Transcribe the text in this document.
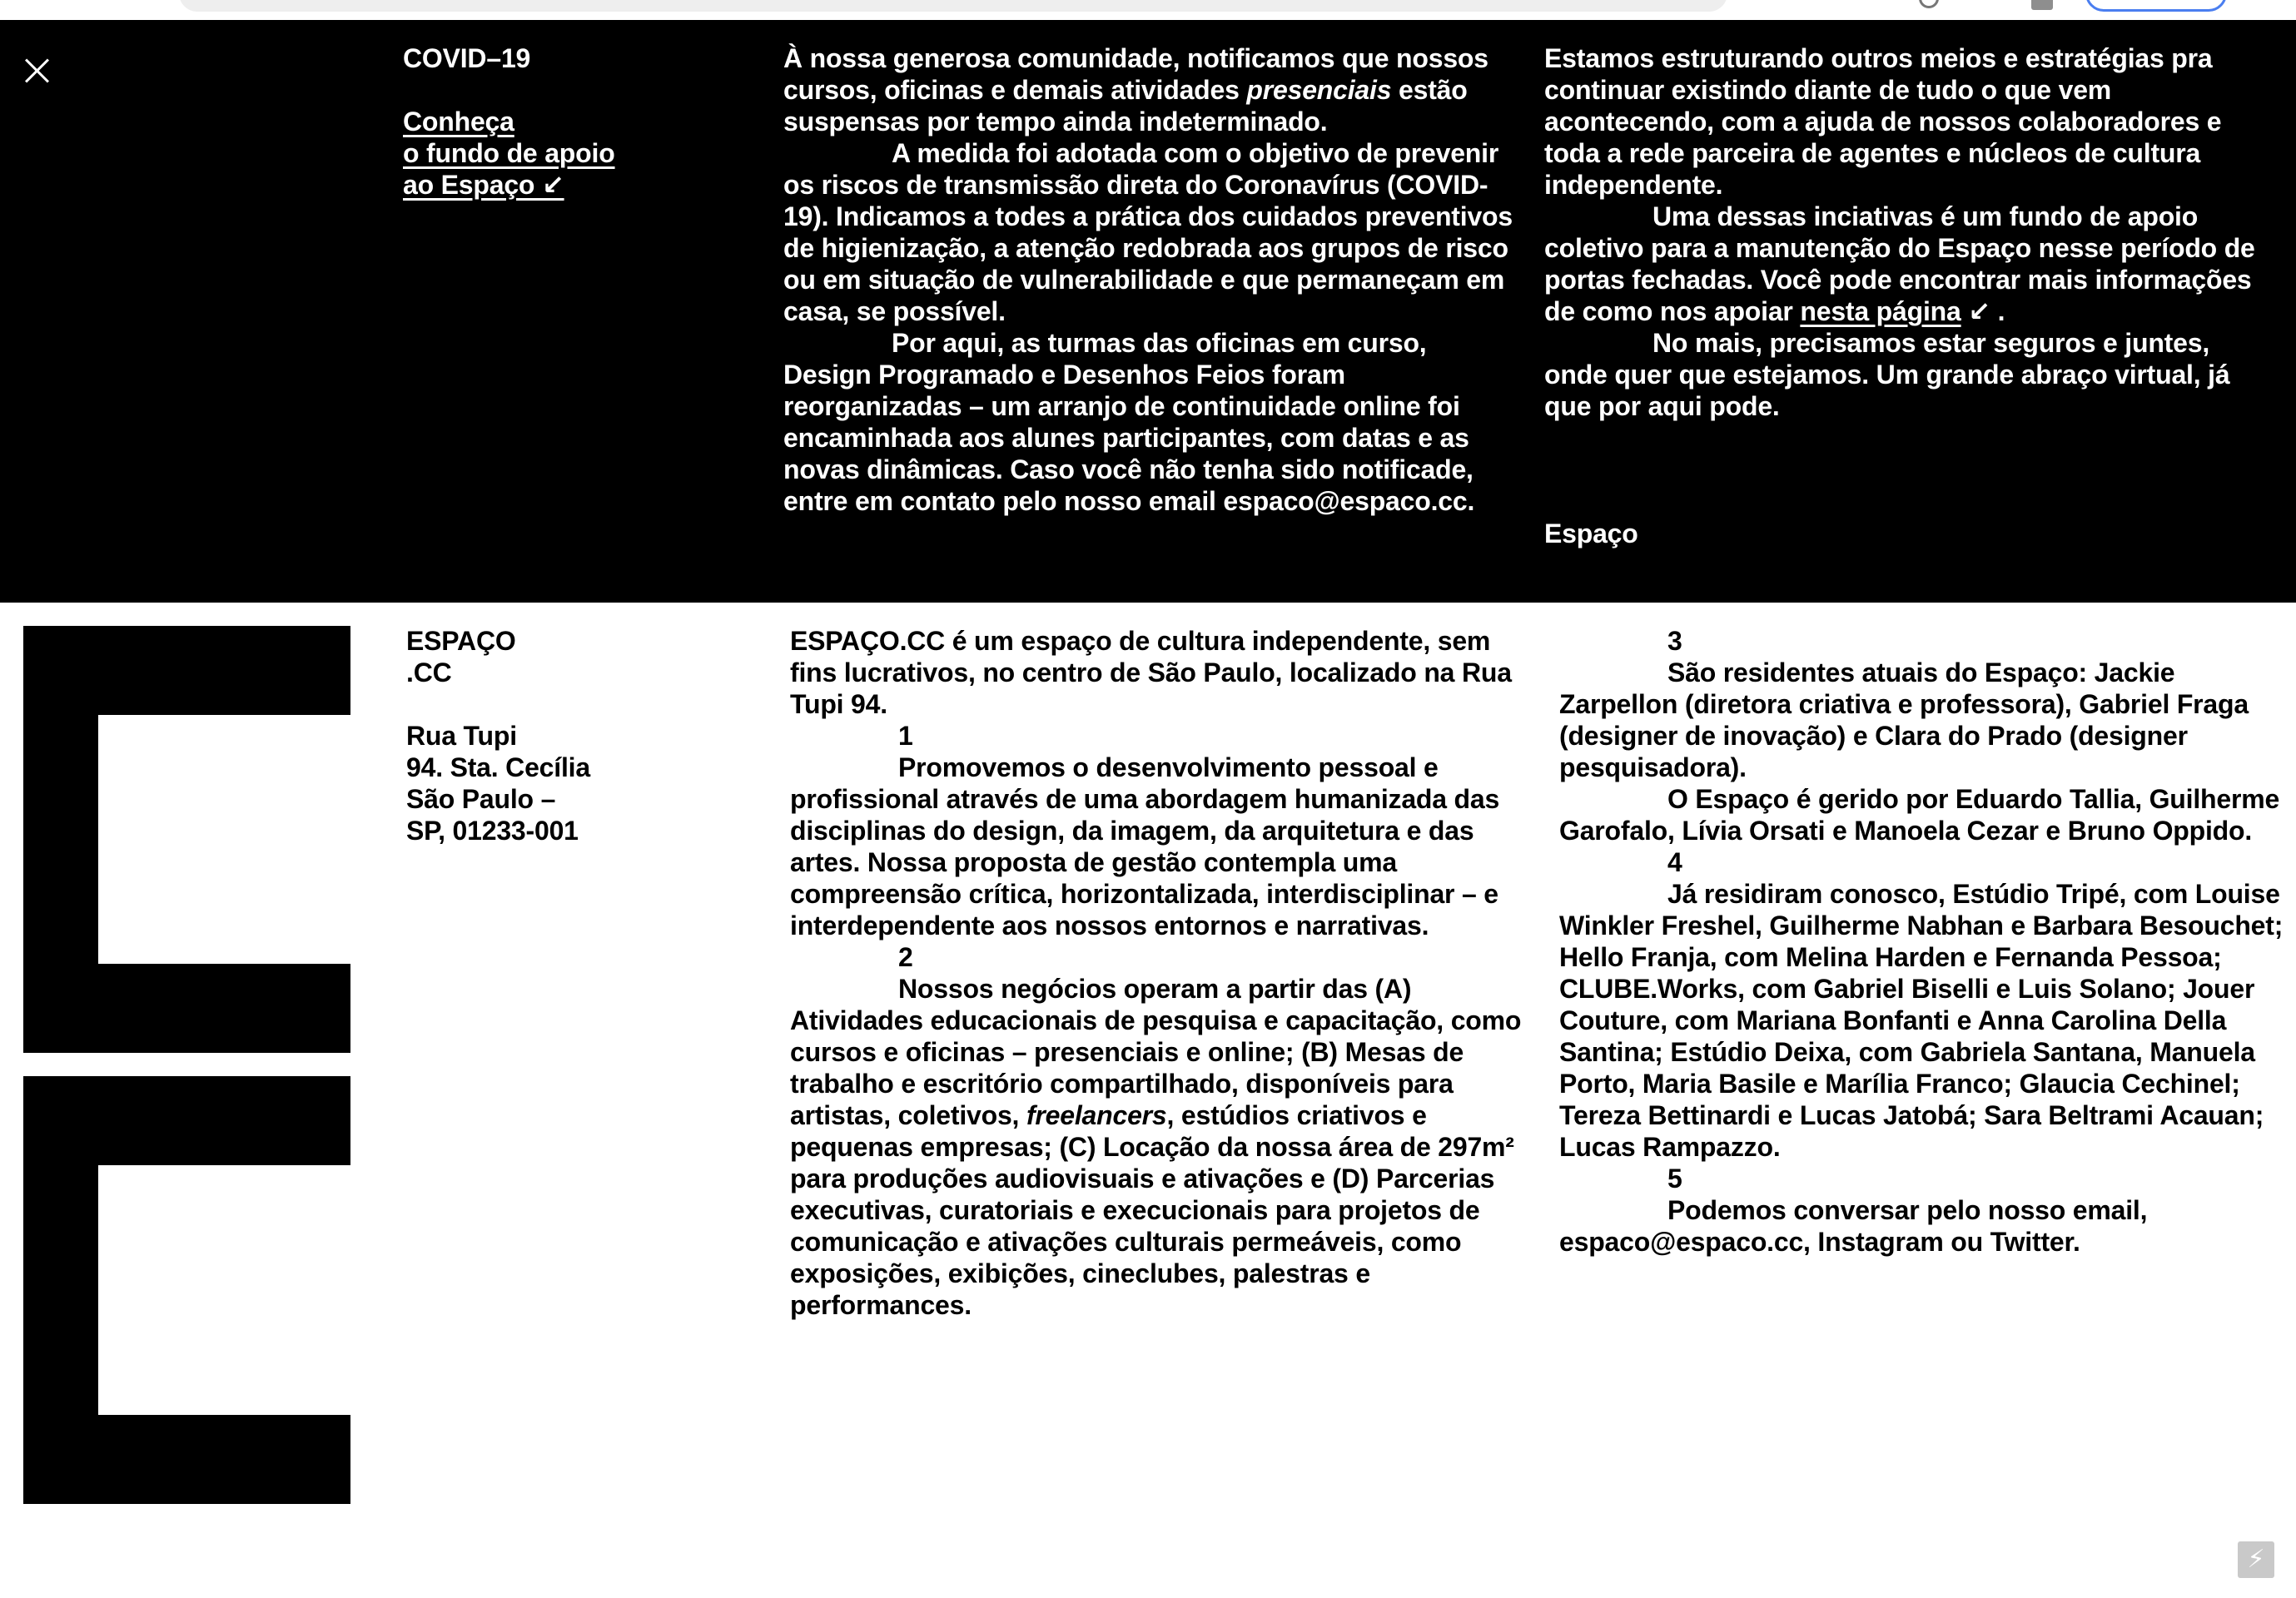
COVID–19

Conheça
o fundo de apoio
ao Espaço ↙

À nossa generosa comunidade, notificamos que nossos cursos, oficinas e demais atividades presenciais estão suspensas por tempo ainda indeterminado.

A medida foi adotada com o objetivo de prevenir os riscos de transmissão direta do Coronavírus (COVID-19). Indicamos a todes a prática dos cuidados preventivos de higienização, a atenção redobrada aos grupos de risco ou em situação de vulnerabilidade e que permaneçam em casa, se possível.

Por aqui, as turmas das oficinas em curso, Design Programado e Desenhos Feios foram reorganizadas – um arranjo de continuidade online foi encaminhada aos alunes participantes, com datas e as novas dinâmicas. Caso você não tenha sido notificade, entre em contato pelo nosso email espaco@espaco.cc.

Estamos estruturando outros meios e estratégias pra continuar existindo diante de tudo o que vem acontecendo, com a ajuda de nossos colaboradores e toda a rede parceira de agentes e núcleos de cultura independente.

Uma dessas inciativas é um fundo de apoio coletivo para a manutenção do Espaço nesse período de portas fechadas. Você pode encontrar mais informações de como nos apoiar nesta página ↙ .

No mais, precisamos estar seguros e juntes, onde quer que estejamos. Um grande abraço virtual, já que por aqui pode.

Espaço

ESPAÇO

.CC

Rua Tupi

94. Sta. Cecília

São Paulo –

SP, 01233-001

ESPAÇO.CC é um espaço de cultura independente, sem fins lucrativos, no centro de São Paulo, localizado na Rua Tupi 94.

1

Promovemos o desenvolvimento pessoal e profissional através de uma abordagem humanizada das disciplinas do design, da imagem, da arquitetura e das artes. Nossa proposta de gestão contempla uma compreensão crítica, horizontalizada, interdisciplinar – e interdependente aos nossos entornos e narrativas.

2

Nossos negócios operam a partir das (A) Atividades educacionais de pesquisa e capacitação, como cursos e oficinas – presenciais e online; (B) Mesas de trabalho e escritório compartilhado, disponíveis para artistas, coletivos, freelancers, estúdios criativos e pequenas empresas; (C) Locação da nossa área de 297m² para produções audiovisuais e ativações e (D) Parcerias executivas, curatoriais e execucionais para projetos de comunicação e ativações culturais permeáveis, como exposições, exibições, cineclubes, palestras e performances.

3

São residentes atuais do Espaço: Jackie Zarpellon (diretora criativa e professora), Gabriel Fraga (designer de inovação) e Clara do Prado (designer pesquisadora).

O Espaço é gerido por Eduardo Tallia, Guilherme Garofalo, Lívia Orsati e Manoela Cezar e Bruno Oppido.

4

Já residiram conosco, Estúdio Tripé, com Louise Winkler Freshel, Guilherme Nabhan e Barbara Besouchet; Hello Franja, com Melina Harden e Fernanda Pessoa; CLUBE.Works, com Gabriel Biselli e Luis Solano; Jouer Couture, com Mariana Bonfanti e Anna Carolina Della Santina; Estúdio Deixa, com Gabriela Santana, Manuela Porto, Maria Basile e Marília Franco; Glaucia Cechinel; Tereza Bettinardi e Lucas Jatobá; Sara Beltrami Acauan; Lucas Rampazzo.

5

Podemos conversar pelo nosso email, espaco@espaco.cc, Instagram ou Twitter.

⚡
